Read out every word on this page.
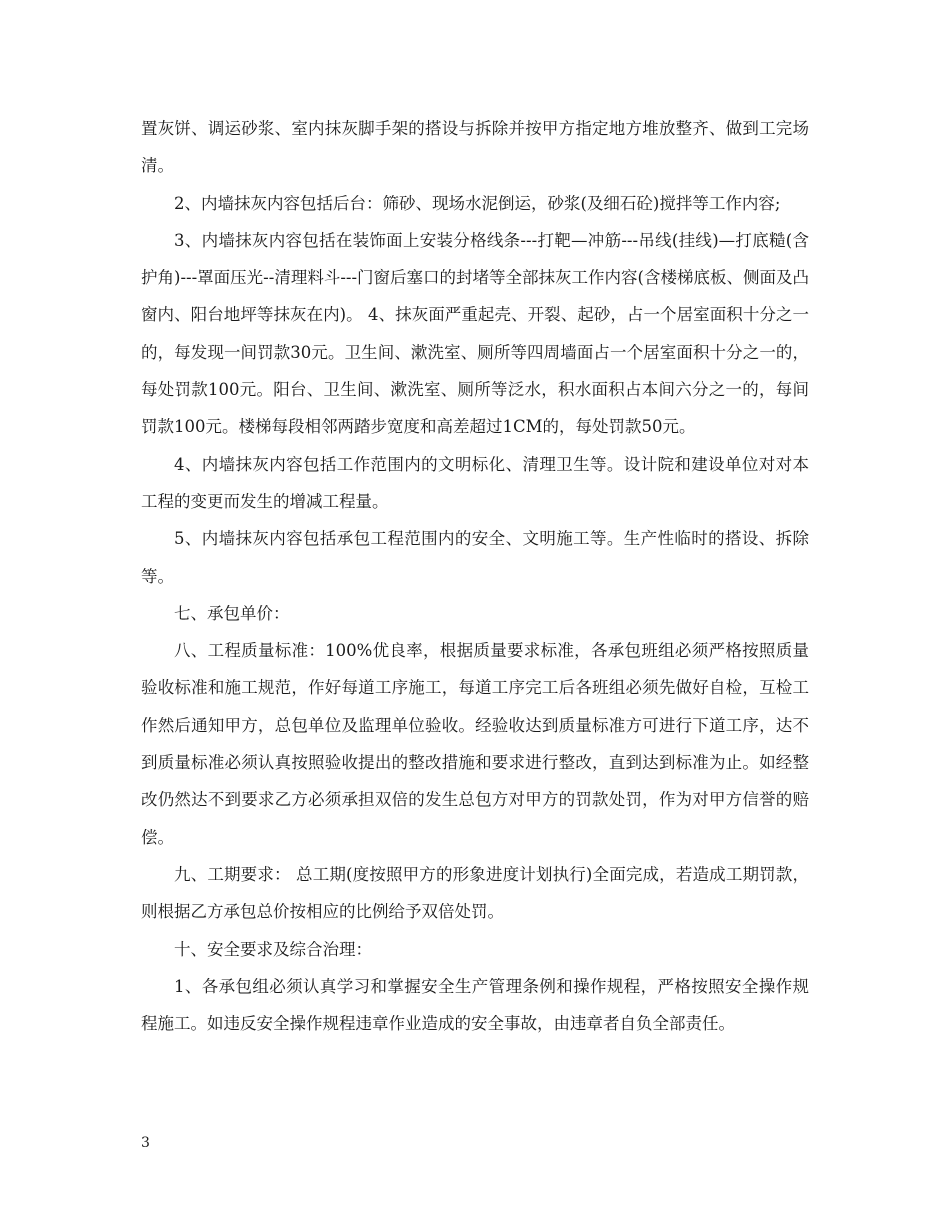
置灰饼、调运砂浆、室内抹灰脚手架的搭设与拆除并按甲方指定地方堆放整齐、做到工完场清。

2、内墙抹灰内容包括后台：筛砂、现场水泥倒运，砂浆(及细石砼)搅拌等工作内容;

3、内墙抹灰内容包括在装饰面上安装分格线条---打靶—冲筋---吊线(挂线)—打底糙(含护角)---罩面压光--清理料斗---门窗后塞口的封堵等全部抹灰工作内容(含楼梯底板、侧面及凸窗内、阳台地坪等抹灰在内)。 4、抹灰面严重起壳、开裂、起砂，占一个居室面积十分之一的，每发现一间罚款30元。卫生间、漱洗室、厕所等四周墙面占一个居室面积十分之一的，每处罚款100元。阳台、卫生间、漱洗室、厕所等泛水，积水面积占本间六分之一的，每间罚款100元。楼梯每段相邻两踏步宽度和高差超过1CM的，每处罚款50元。

4、内墙抹灰内容包括工作范围内的文明标化、清理卫生等。设计院和建设单位对对本工程的变更而发生的增减工程量。

5、内墙抹灰内容包括承包工程范围内的安全、文明施工等。生产性临时的搭设、拆除等。

七、承包单价：

八、工程质量标准：100%优良率，根据质量要求标准，各承包班组必须严格按照质量验收标准和施工规范，作好每道工序施工，每道工序完工后各班组必须先做好自检，互检工作然后通知甲方，总包单位及监理单位验收。经验收达到质量标准方可进行下道工序，达不到质量标准必须认真按照验收提出的整改措施和要求进行整改，直到达到标准为止。如经整改仍然达不到要求乙方必须承担双倍的发生总包方对甲方的罚款处罚，作为对甲方信誉的赔偿。

九、工期要求： 总工期(度按照甲方的形象进度计划执行)全面完成，若造成工期罚款，则根据乙方承包总价按相应的比例给予双倍处罚。

十、安全要求及综合治理：

1、各承包组必须认真学习和掌握安全生产管理条例和操作规程，严格按照安全操作规程施工。如违反安全操作规程违章作业造成的安全事故，由违章者自负全部责任。

3
